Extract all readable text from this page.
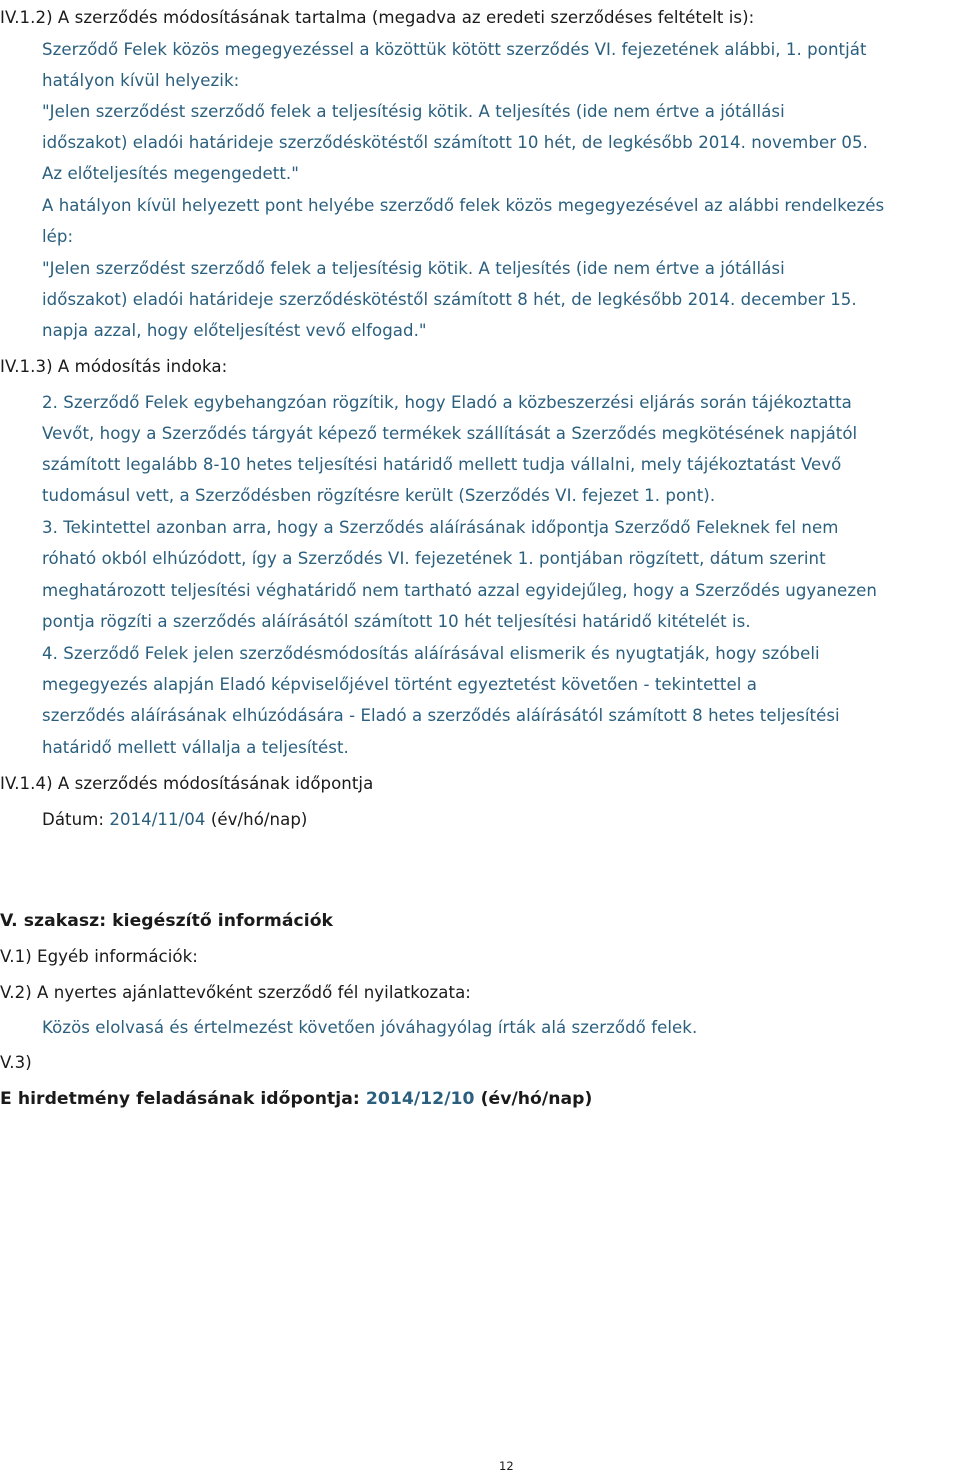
IV.1.2) A szerződés módosításának tartalma (megadva az eredeti szerződéses feltételt is):
Szerződő Felek közös megegyezéssel a közöttük kötött szerződés VI. fejezetének alábbi, 1. pontját
hatályon kívül helyezik:
"Jelen szerződést szerződő felek a teljesítésig kötik. A teljesítés (ide nem értve a jótállási
időszakot) eladói határideje szerződéskötéstől számított 10 hét, de legkésőbb 2014. november 05.
Az előteljesítés megengedett."
A hatályon kívül helyezett pont helyébe szerződő felek közös megegyezésével az alábbi rendelkezés
lép:
"Jelen szerződést szerződő felek a teljesítésig kötik. A teljesítés (ide nem értve a jótállási
időszakot) eladói határideje szerződéskötéstől számított 8 hét, de legkésőbb 2014. december 15.
napja azzal, hogy előteljesítést vevő elfogad."
IV.1.3) A módosítás indoka:
2. Szerződő Felek egybehangzóan rögzítik, hogy Eladó a közbeszerzési eljárás során tájékoztatta
Vevőt, hogy a Szerződés tárgyát képező termékek szállítását a Szerződés megkötésének napjától
számított legalább 8-10 hetes teljesítési határidő mellett tudja vállalni, mely tájékoztatást Vevő
tudomásul vett, a Szerződésben rögzítésre került (Szerződés VI. fejezet 1. pont).
3. Tekintettel azonban arra, hogy a Szerződés aláírásának időpontja Szerződő Feleknek fel nem
róható okból elhúzódott, így a Szerződés VI. fejezetének 1. pontjában rögzített, dátum szerint
meghatározott teljesítési véghatáridő nem tartható azzal egyidejűleg, hogy a Szerződés ugyanezen
pontja rögzíti a szerződés aláírásától számított 10 hét teljesítési határidő kitételét is.
4. Szerződő Felek jelen szerződésmódosítás aláírásával elismerik és nyugtatják, hogy szóbeli
megegyezés alapján Eladó képviselőjével történt egyeztetést követően - tekintettel a
szerződés aláírásának elhúzódására - Eladó a szerződés aláírásától számított 8 hetes teljesítési
határidő mellett vállalja a teljesítést.
IV.1.4) A szerződés módosításának időpontja
Dátum: 2014/11/04 (év/hó/nap)
V. szakasz: kiegészítő információk
V.1) Egyéb információk:
V.2) A nyertes ajánlattevőként szerződő fél nyilatkozata:
Közös elolvasá és értelmezést követően jóváhagyólag írták alá szerződő felek.
V.3)
E hirdetmény feladásának időpontja: 2014/12/10 (év/hó/nap)
12
